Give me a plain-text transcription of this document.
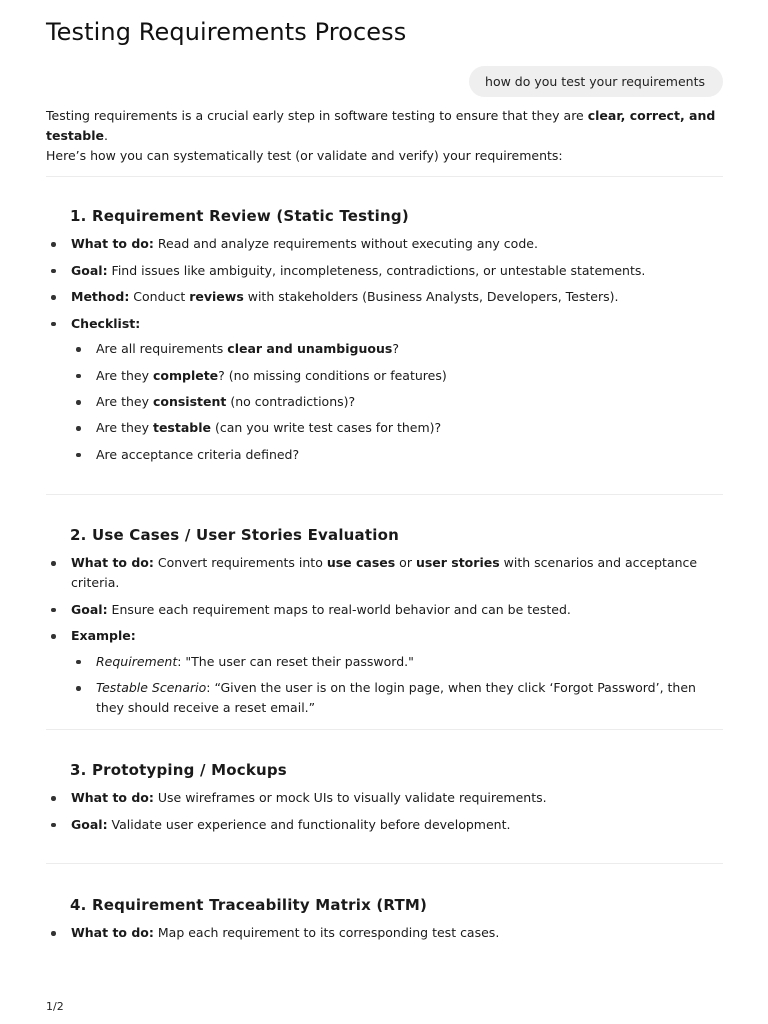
Testing Requirements Process
how do you test your requirements
Testing requirements is a crucial early step in software testing to ensure that they are clear, correct, and testable.
Here’s how you can systematically test (or validate and verify) your requirements:
1. Requirement Review (Static Testing)
What to do: Read and analyze requirements without executing any code.
Goal: Find issues like ambiguity, incompleteness, contradictions, or untestable statements.
Method: Conduct reviews with stakeholders (Business Analysts, Developers, Testers).
Checklist:
Are all requirements clear and unambiguous?
Are they complete? (no missing conditions or features)
Are they consistent (no contradictions)?
Are they testable (can you write test cases for them)?
Are acceptance criteria defined?
2. Use Cases / User Stories Evaluation
What to do: Convert requirements into use cases or user stories with scenarios and acceptance criteria.
Goal: Ensure each requirement maps to real-world behavior and can be tested.
Example:
Requirement: "The user can reset their password."
Testable Scenario: “Given the user is on the login page, when they click ‘Forgot Password’, then they should receive a reset email.”
3. Prototyping / Mockups
What to do: Use wireframes or mock UIs to visually validate requirements.
Goal: Validate user experience and functionality before development.
4. Requirement Traceability Matrix (RTM)
What to do: Map each requirement to its corresponding test cases.
1/2
